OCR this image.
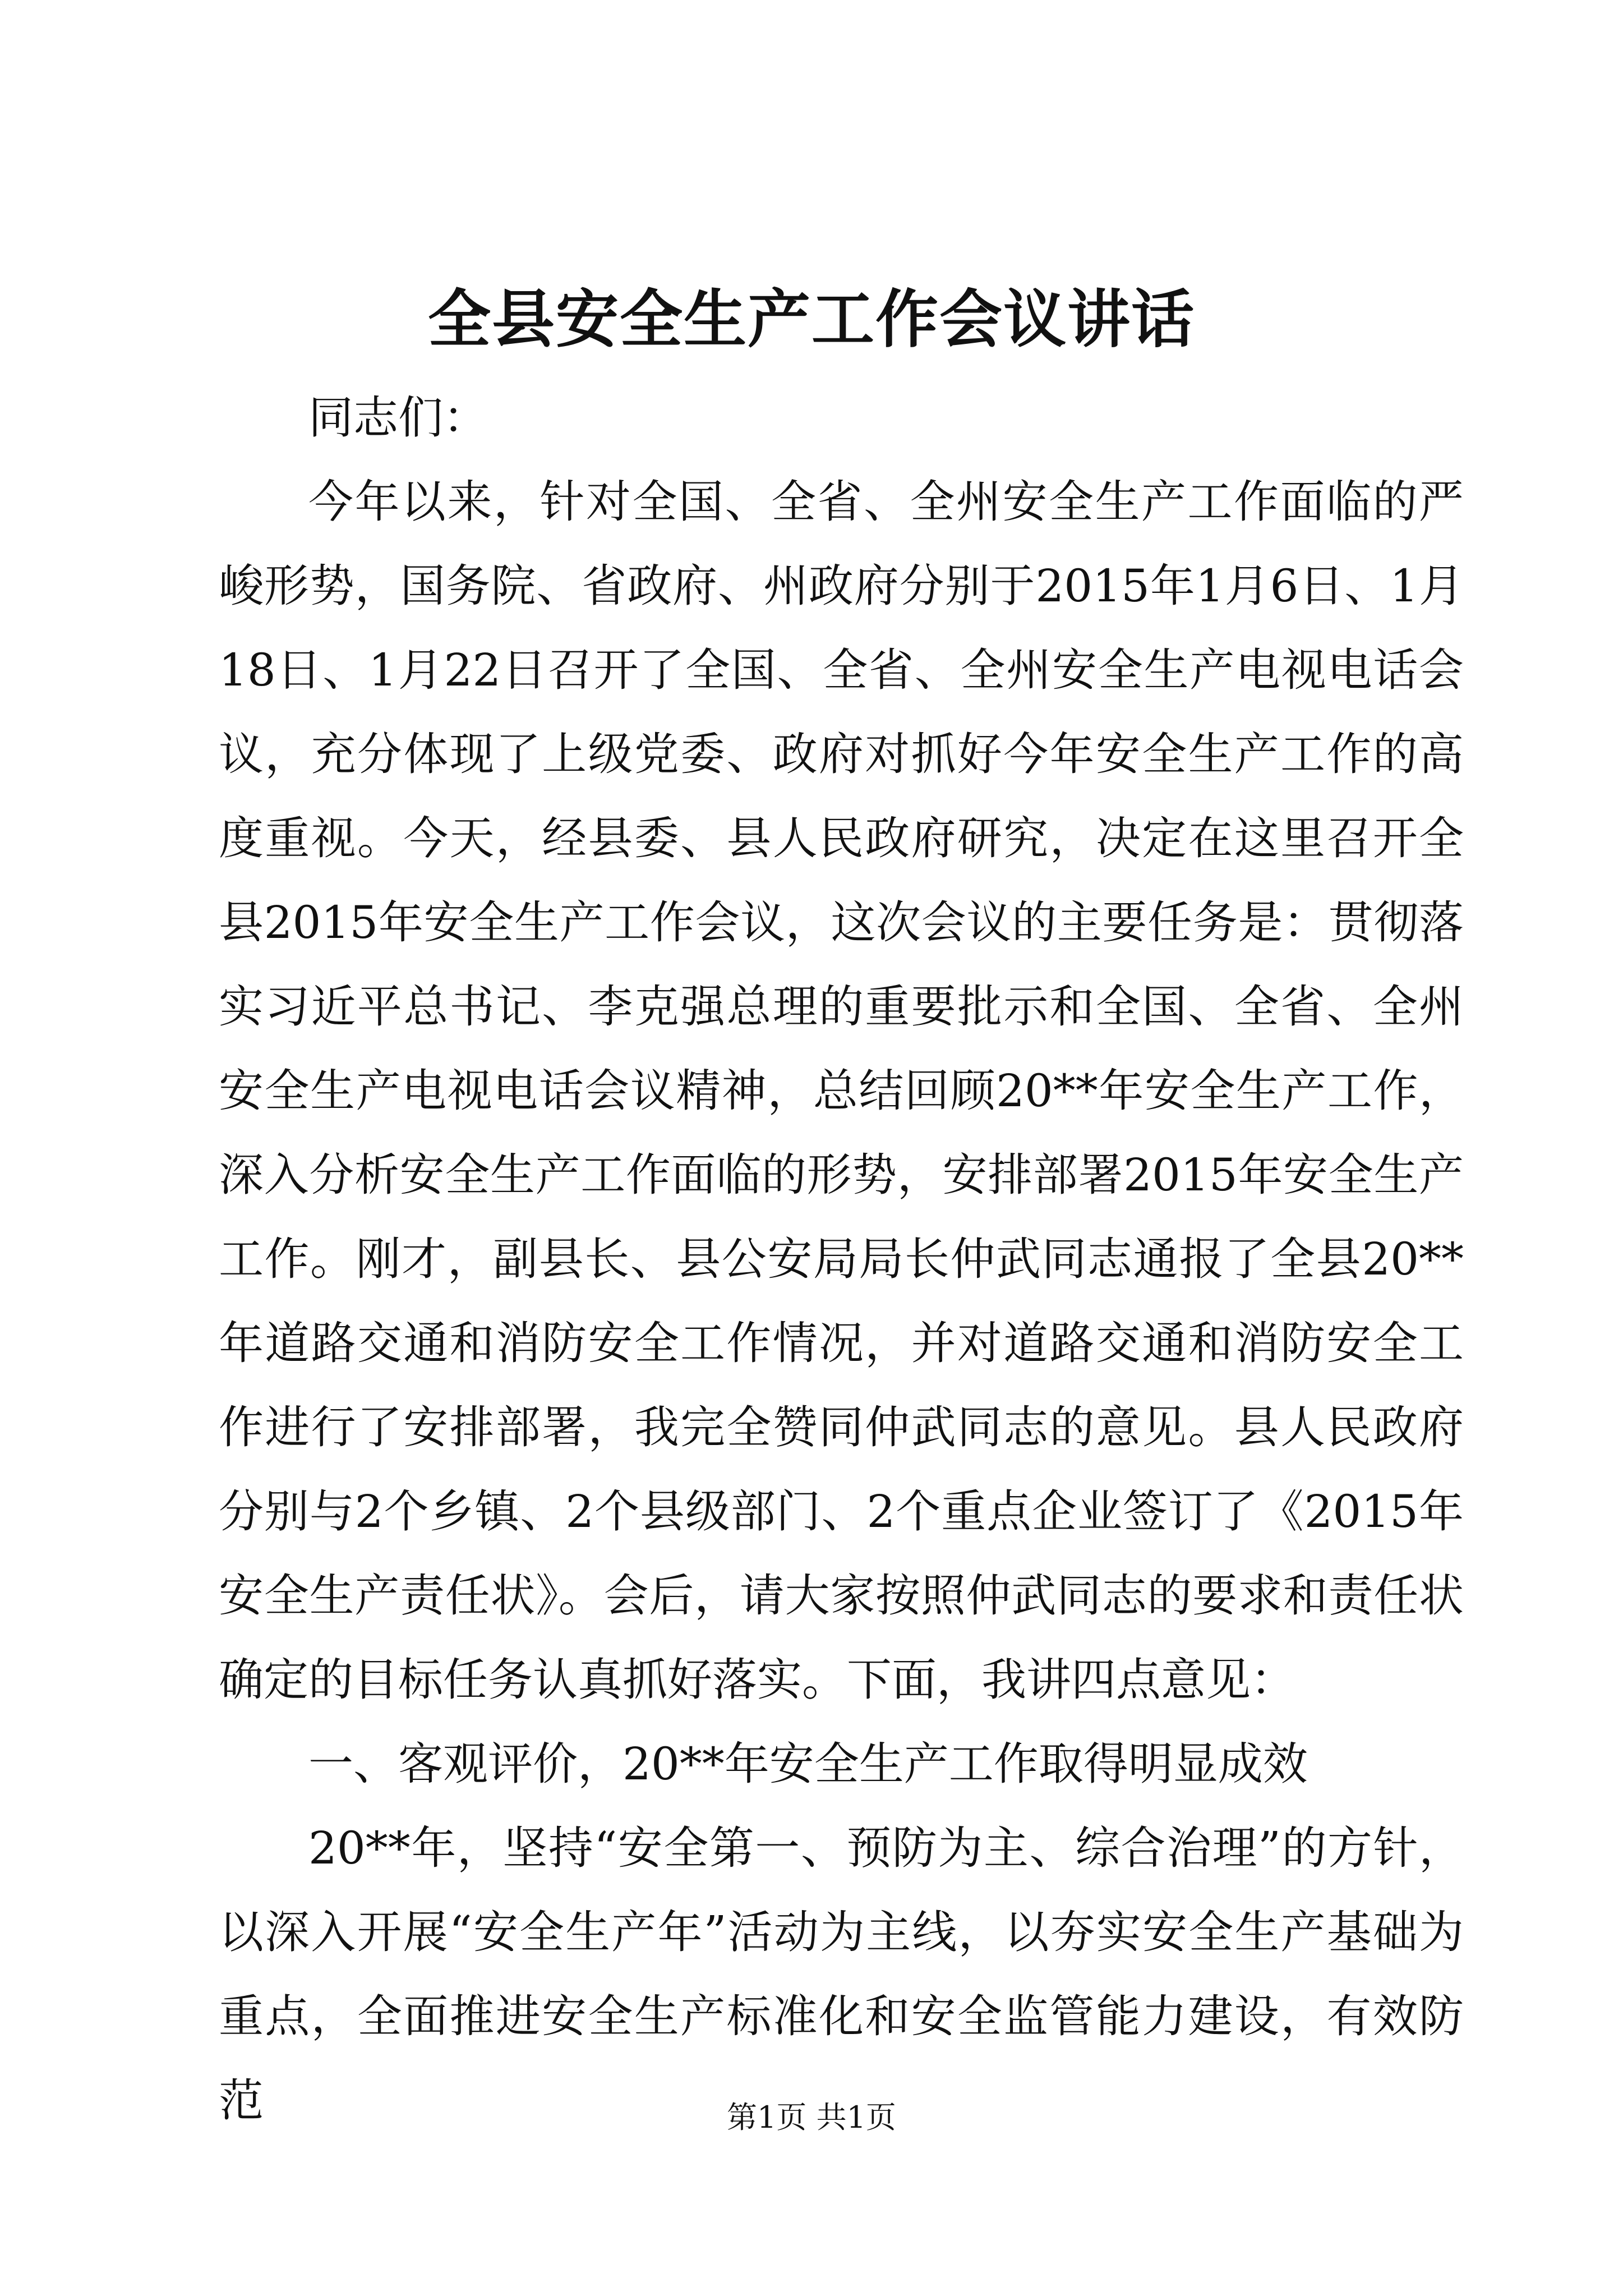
全县安全生产工作会议讲话

同志们：

今年以来，针对全国、全省、全州安全生产工作面临的严峻形势，国务院、省政府、州政府分别于2015年1月6日、1月18日、1月22日召开了全国、全省、全州安全生产电视电话会议，充分体现了上级党委、政府对抓好今年安全生产工作的高度重视。今天，经县委、县人民政府研究，决定在这里召开全县2015年安全生产工作会议，这次会议的主要任务是：贯彻落实习近平总书记、李克强总理的重要批示和全国、全省、全州安全生产电视电话会议精神，总结回顾20**年安全生产工作，深入分析安全生产工作面临的形势，安排部署2015年安全生产工作。刚才，副县长、县公安局局长仲武同志通报了全县20**年道路交通和消防安全工作情况，并对道路交通和消防安全工作进行了安排部署，我完全赞同仲武同志的意见。县人民政府分别与2个乡镇、2个县级部门、2个重点企业签订了《2015年安全生产责任状》。会后，请大家按照仲武同志的要求和责任状确定的目标任务认真抓好落实。下面，我讲四点意见：

一、客观评价，20**年安全生产工作取得明显成效

20**年，坚持“安全第一、预防为主、综合治理”的方针，以深入开展“安全生产年”活动为主线，以夯实安全生产基础为重点，全面推进安全生产标准化和安全监管能力建设，有效防范	第1页 共1页
